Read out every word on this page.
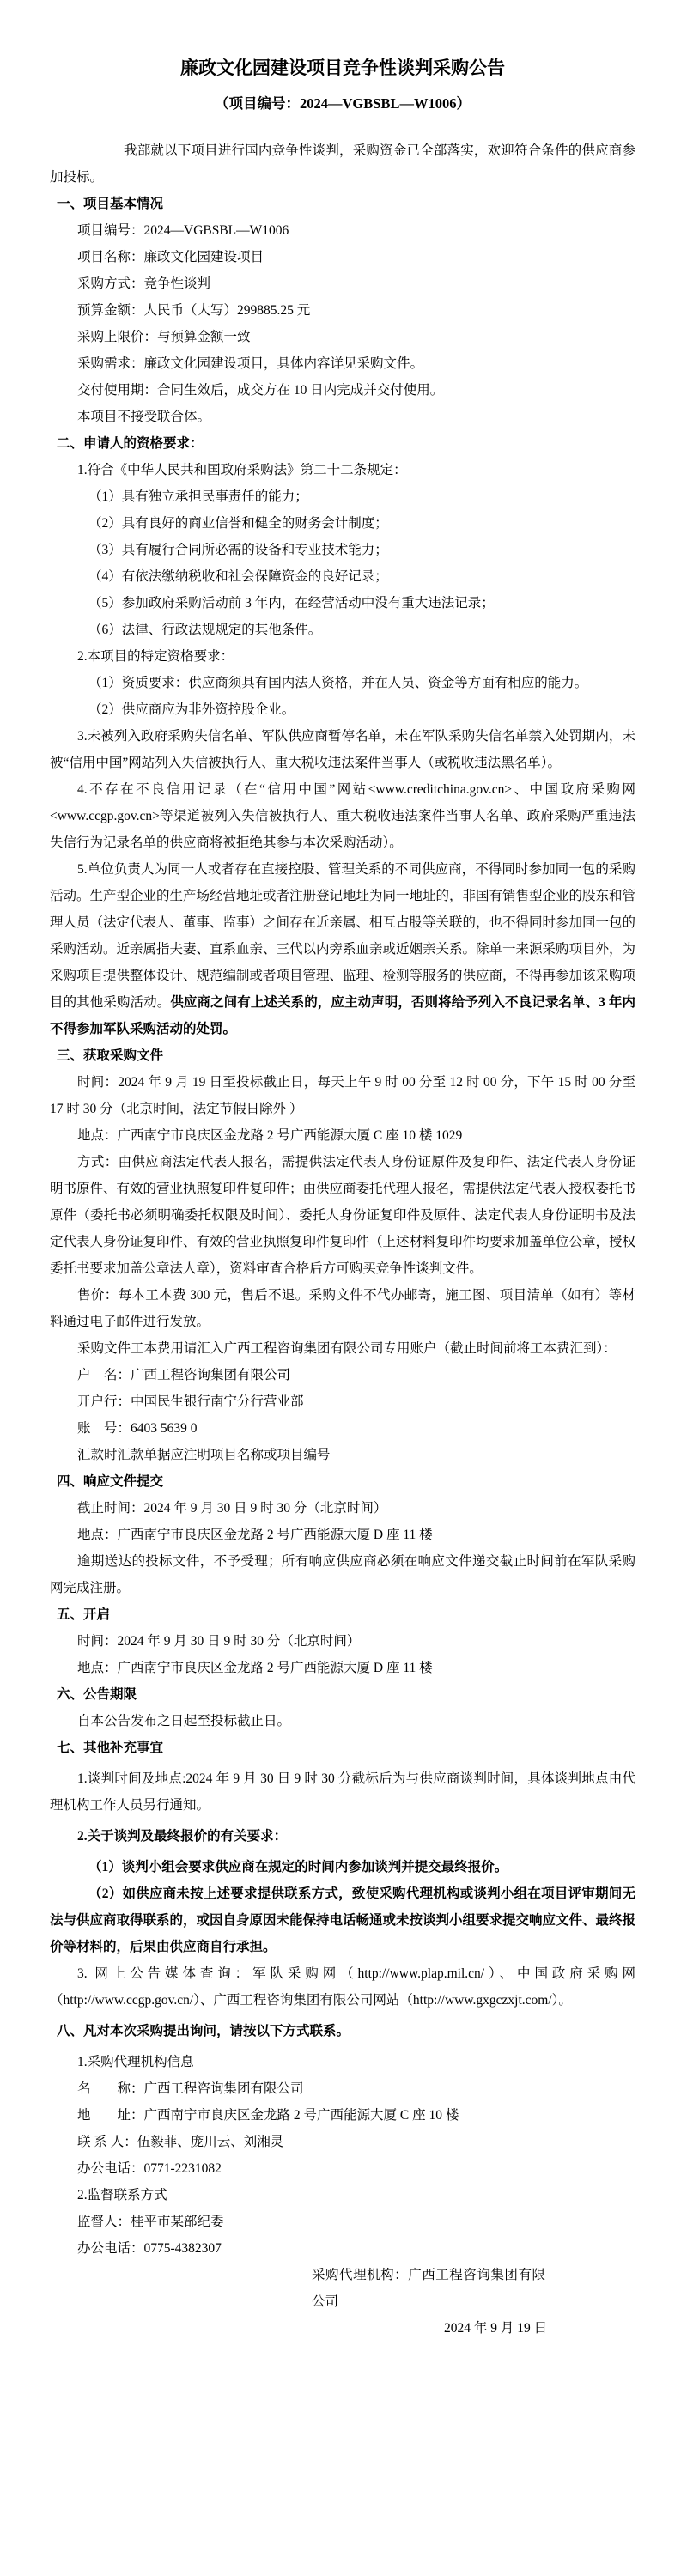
廉政文化园建设项目竞争性谈判采购公告

（项目编号：2024—VGBSBL—W1006）

我部就以下项目进行国内竞争性谈判，采购资金已全部落实，欢迎符合条件的供应商参加投标。

一、项目基本情况

项目编号：2024—VGBSBL—W1006

项目名称：廉政文化园建设项目

采购方式：竞争性谈判

预算金额：人民币（大写）299885.25 元

采购上限价：与预算金额一致

采购需求：廉政文化园建设项目，具体内容详见采购文件。

交付使用期：合同生效后，成交方在 10 日内完成并交付使用。

本项目不接受联合体。

二、申请人的资格要求：

1.符合《中华人民共和国政府采购法》第二十二条规定：

（1）具有独立承担民事责任的能力；

（2）具有良好的商业信誉和健全的财务会计制度；

（3）具有履行合同所必需的设备和专业技术能力；

（4）有依法缴纳税收和社会保障资金的良好记录；

（5）参加政府采购活动前 3 年内，在经营活动中没有重大违法记录；

（6）法律、行政法规规定的其他条件。

2.本项目的特定资格要求：

（1）资质要求：供应商须具有国内法人资格，并在人员、资金等方面有相应的能力。

（2）供应商应为非外资控股企业。

3.未被列入政府采购失信名单、军队供应商暂停名单，未在军队采购失信名单禁入处罚期内，未被“信用中国”网站列入失信被执行人、重大税收违法案件当事人（或税收违法黑名单）。

4.不存在不良信用记录（在“信用中国”网站<www.creditchina.gov.cn>、中国政府采购网<www.ccgp.gov.cn>等渠道被列入失信被执行人、重大税收违法案件当事人名单、政府采购严重违法失信行为记录名单的供应商将被拒绝其参与本次采购活动）。

5.单位负责人为同一人或者存在直接控股、管理关系的不同供应商，不得同时参加同一包的采购活动。生产型企业的生产场经营地址或者注册登记地址为同一地址的，非国有销售型企业的股东和管理人员（法定代表人、董事、监事）之间存在近亲属、相互占股等关联的，也不得同时参加同一包的采购活动。近亲属指夫妻、直系血亲、三代以内旁系血亲或近姻亲关系。除单一来源采购项目外，为采购项目提供整体设计、规范编制或者项目管理、监理、检测等服务的供应商，不得再参加该采购项目的其他采购活动。供应商之间有上述关系的，应主动声明，否则将给予列入不良记录名单、3 年内不得参加军队采购活动的处罚。

三、获取采购文件

时间：2024 年 9 月 19 日至投标截止日，每天上午 9 时 00 分至 12 时 00 分，下午 15 时 00 分至 17 时 30 分（北京时间，法定节假日除外 ）

地点：广西南宁市良庆区金龙路 2 号广西能源大厦 C 座 10 楼 1029

方式：由供应商法定代表人报名，需提供法定代表人身份证原件及复印件、法定代表人身份证明书原件、有效的营业执照复印件复印件；由供应商委托代理人报名，需提供法定代表人授权委托书原件（委托书必须明确委托权限及时间）、委托人身份证复印件及原件、法定代表人身份证明书及法定代表人身份证复印件、有效的营业执照复印件复印件（上述材料复印件均要求加盖单位公章，授权委托书要求加盖公章法人章），资料审查合格后方可购买竞争性谈判文件。

售价：每本工本费 300 元，售后不退。采购文件不代办邮寄，施工图、项目清单（如有）等材料通过电子邮件进行发放。

采购文件工本费用请汇入广西工程咨询集团有限公司专用账户（截止时间前将工本费汇到）：

户　名：广西工程咨询集团有限公司

开户行：中国民生银行南宁分行营业部

账　号：6403 5639 0

汇款时汇款单据应注明项目名称或项目编号

四、响应文件提交

截止时间：2024 年 9 月 30 日 9 时 30 分（北京时间）

地点：广西南宁市良庆区金龙路 2 号广西能源大厦 D 座 11 楼

逾期送达的投标文件，不予受理；所有响应供应商必须在响应文件递交截止时间前在军队采购网完成注册。

五、开启

时间：2024 年 9 月 30 日 9 时 30 分（北京时间）

地点：广西南宁市良庆区金龙路 2 号广西能源大厦 D 座 11 楼

六、公告期限

自本公告发布之日起至投标截止日。

七、其他补充事宜

1.谈判时间及地点:2024 年 9 月 30 日 9 时 30 分截标后为与供应商谈判时间，具体谈判地点由代理机构工作人员另行通知。

2.关于谈判及最终报价的有关要求：

（1）谈判小组会要求供应商在规定的时间内参加谈判并提交最终报价。

（2）如供应商未按上述要求提供联系方式，致使采购代理机构或谈判小组在项目评审期间无法与供应商取得联系的，或因自身原因未能保持电话畅通或未按谈判小组要求提交响应文件、最终报价等材料的，后果由供应商自行承担。

3. 网上公告媒体查询：军队采购网（http://www.plap.mil.cn/）、中国政府采购网（http://www.ccgp.gov.cn/）、广西工程咨询集团有限公司网站（http://www.gxgczxjt.com/）。

八、凡对本次采购提出询问，请按以下方式联系。

1.采购代理机构信息

名　　称：广西工程咨询集团有限公司

地　　址：广西南宁市良庆区金龙路 2 号广西能源大厦 C 座 10 楼

联 系 人：伍毅菲、庞川云、刘湘灵

办公电话：0771-2231082

2.监督联系方式

监督人：桂平市某部纪委

办公电话：0775-4382307

采购代理机构：广西工程咨询集团有限公司

2024 年 9 月 19 日
